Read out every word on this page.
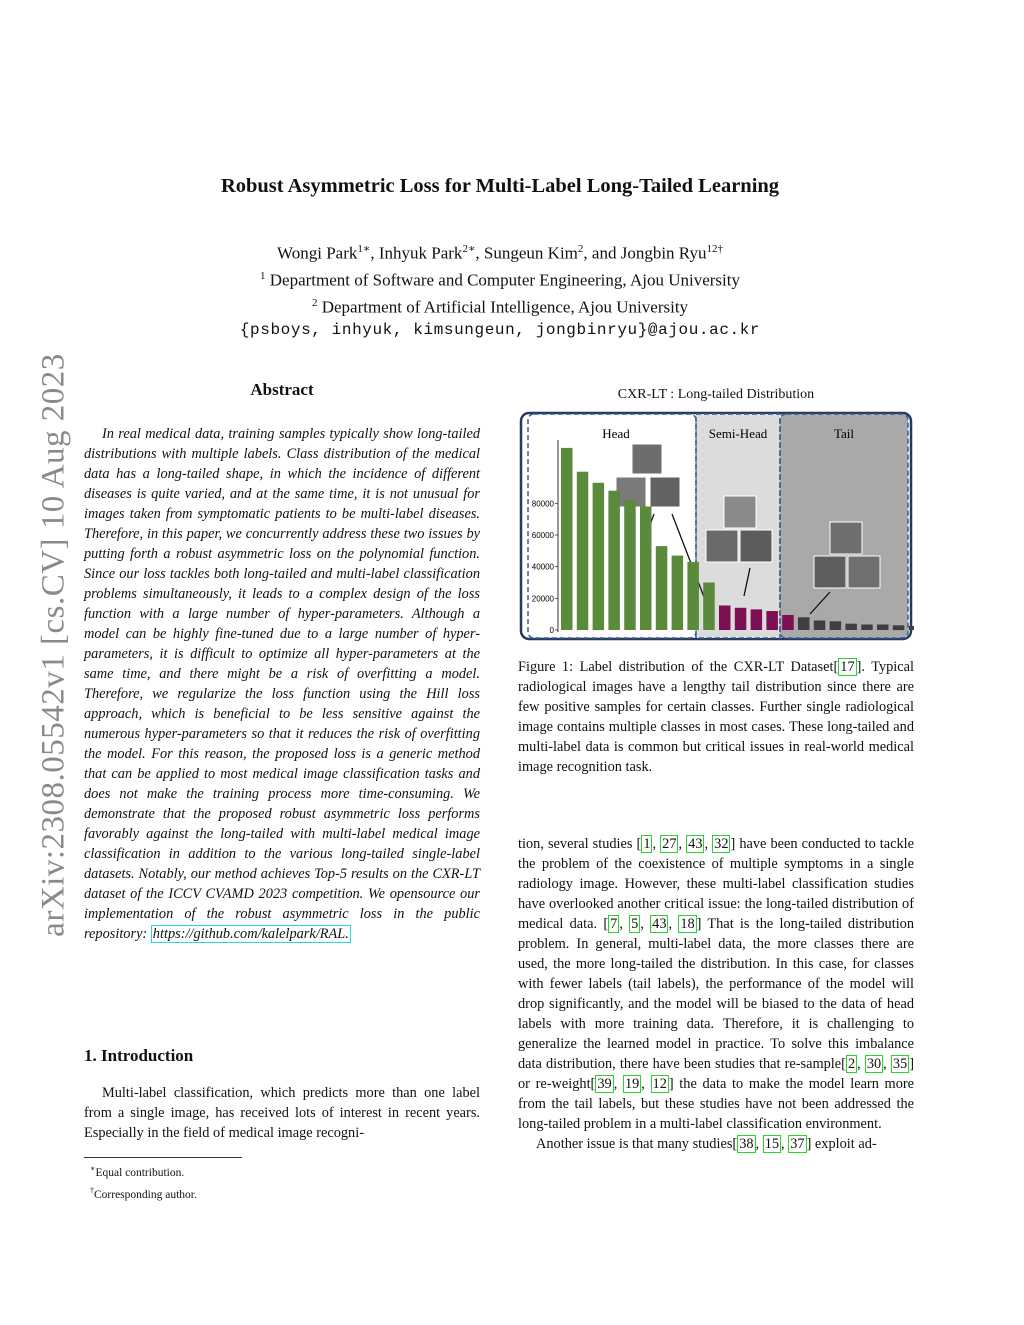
arXiv:2308.05542v1 [cs.CV] 10 Aug 2023
Robust Asymmetric Loss for Multi-Label Long-Tailed Learning
Wongi Park$^{1∗}$, Inhyuk Park$^{2∗}$, Sungeun Kim$^2$, and Jongbin Ryu$^{12\dagger}$
$^1$ Department of Software and Computer Engineering, Ajou University
$^2$ Department of Artificial Intelligence, Ajou University
{psboys, inhyuk, kimsungeun, jongbinryu}@ajou.ac.kr
Abstract
In real medical data, training samples typically show long-tailed distributions with multiple labels. Class distribution of the medical data has a long-tailed shape, in which the incidence of different diseases is quite varied, and at the same time, it is not unusual for images taken from symptomatic patients to be multi-label diseases. Therefore, in this paper, we concurrently address these two issues by putting forth a robust asymmetric loss on the polynomial function. Since our loss tackles both long-tailed and multi-label classification problems simultaneously, it leads to a complex design of the loss function with a large number of hyper-parameters. Although a model can be highly fine-tuned due to a large number of hyper-parameters, it is difficult to optimize all hyper-parameters at the same time, and there might be a risk of overfitting a model. Therefore, we regularize the loss function using the Hill loss approach, which is beneficial to be less sensitive against the numerous hyper-parameters so that it reduces the risk of overfitting the model. For this reason, the proposed loss is a generic method that can be applied to most medical image classification tasks and does not make the training process more time-consuming. We demonstrate that the proposed robust asymmetric loss performs favorably against the long-tailed with multi-label medical image classification in addition to the various long-tailed single-label datasets. Notably, our method achieves Top-5 results on the CXR-LT dataset of the ICCV CVAMD 2023 competition. We opensource our implementation of the robust asymmetric loss in the public repository: https://github.com/kalelpark/RAL.
1. Introduction
Multi-label classification, which predicts more than one label from a single image, has received lots of interest in recent years. Especially in the field of medical image recogni-
∗Equal contribution.
†Corresponding author.
CXR-LT : Long-tailed Distribution
Head	Semi-Head	Tail
0
20000
40000
60000
80000
Figure 1: Label distribution of the CXR-LT Dataset[ 17 ]. Typical radiological images have a lengthy tail distribution since there are few positive samples for certain classes. Further single radiological image contains multiple classes in most cases. These long-tailed and multi-label data is common but critical issues in real-world medical image recognition task.

tion, several studies [ 1 , 27 , 43 , 32 ] have been conducted to tackle the problem of the coexistence of multiple symptoms in a single radiology image. However, these multi-label classification studies have overlooked another critical issue: the long-tailed distribution of medical data. [ 7 , 5 , 43 , 18 ] That is the long-tailed distribution problem. In general, multi-label data, the more classes there are used, the more long-tailed the distribution. In this case, for classes with fewer labels (tail labels), the performance of the model will drop significantly, and the model will be biased to the data of head labels with more training data. Therefore, it is challenging to generalize the learned model in practice. To solve this imbalance data distribution, there have been studies that re-sample[ 2 , 30 , 35 ] or re-weight[ 39 , 19 , 12 ] the data to make the model learn more from the tail labels, but these studies have not been addressed the long-tailed problem in a multi-label classification environment.

Another issue is that many studies[ 38 , 15 , 37 ] exploit ad-
